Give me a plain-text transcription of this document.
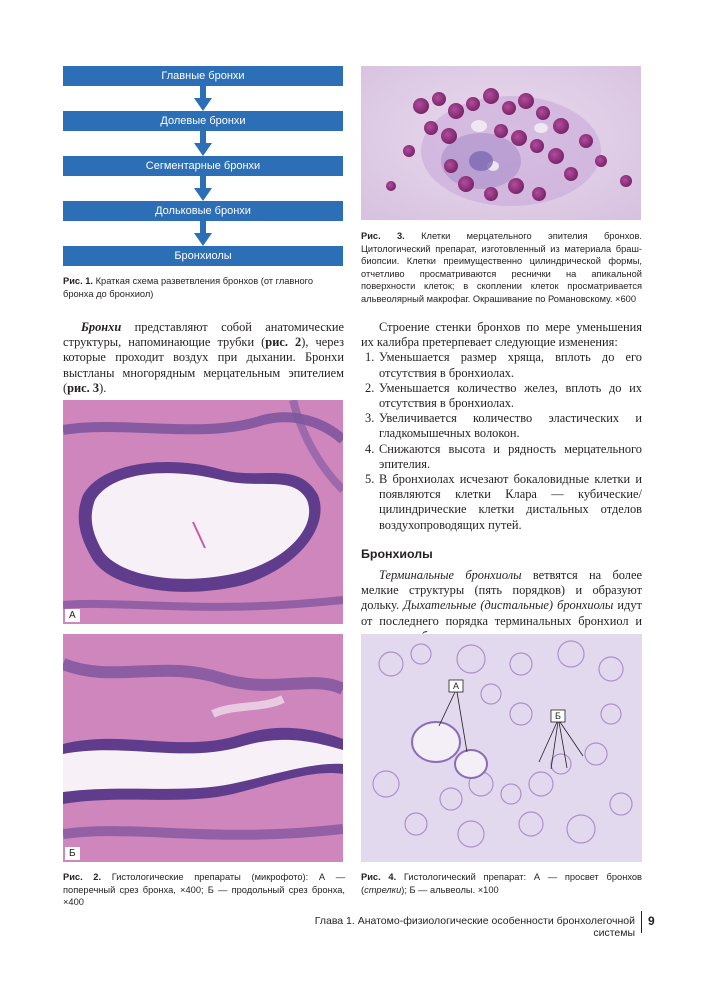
Главные бронхи
Долевые бронхи
Сегментарные бронхи
Дольковые бронхи
Бронхиолы
Рис. 1. Краткая схема разветвления бронхов (от главного бронха до бронхиол)
Рис. 3. Клетки мерцательного эпителия бронхов. Цитологический препарат, изготовленный из материала браш-биопсии. Клетки преимущественно цилиндрической формы, отчетливо просматриваются реснички на апикальной поверхности клеток; в скоплении клеток просматривается альвеолярный макрофаг. Окрашивание по Романовскому. ×600
Бронхи представляют собой анатомические структуры, напоминающие трубки (рис. 2), через которые проходит воздух при дыхании. Бронхи выстланы многорядным мерцательным эпителием (рис. 3).
Строение стенки бронхов по мере уменьшения их калибра претерпевает следующие изменения:
1. Уменьшается размер хряща, вплоть до его отсутствия в бронхиолах.
2. Уменьшается количество желез, вплоть до их отсутствия в бронхиолах.
3. Увеличивается количество эластических и гладкомышечных волокон.
4. Снижаются высота и рядность мерцательного эпителия.
5. В бронхиолах исчезают бокаловидные клетки и появляются клетки Клара — кубические/цилиндрические клетки дистальных отделов воздухопроводящих путей.
Бронхиолы
Терминальные бронхиолы ветвятся на более мелкие структуры (пять порядков) и образуют дольку. Дыхательные (дистальные) бронхиолы идут от последнего порядка терминальных бронхиол и
А
А
Б
Б
Рис. 2. Гистологические препараты (микрофото): А — поперечный срез бронха, ×400; Б — продольный срез бронха, ×400
Рис. 4. Гистологический препарат: А — просвет бронхов (стрелки); Б — альвеолы. ×100
Глава 1. Анатомо-физиологические особенности бронхолегочной системы
9
